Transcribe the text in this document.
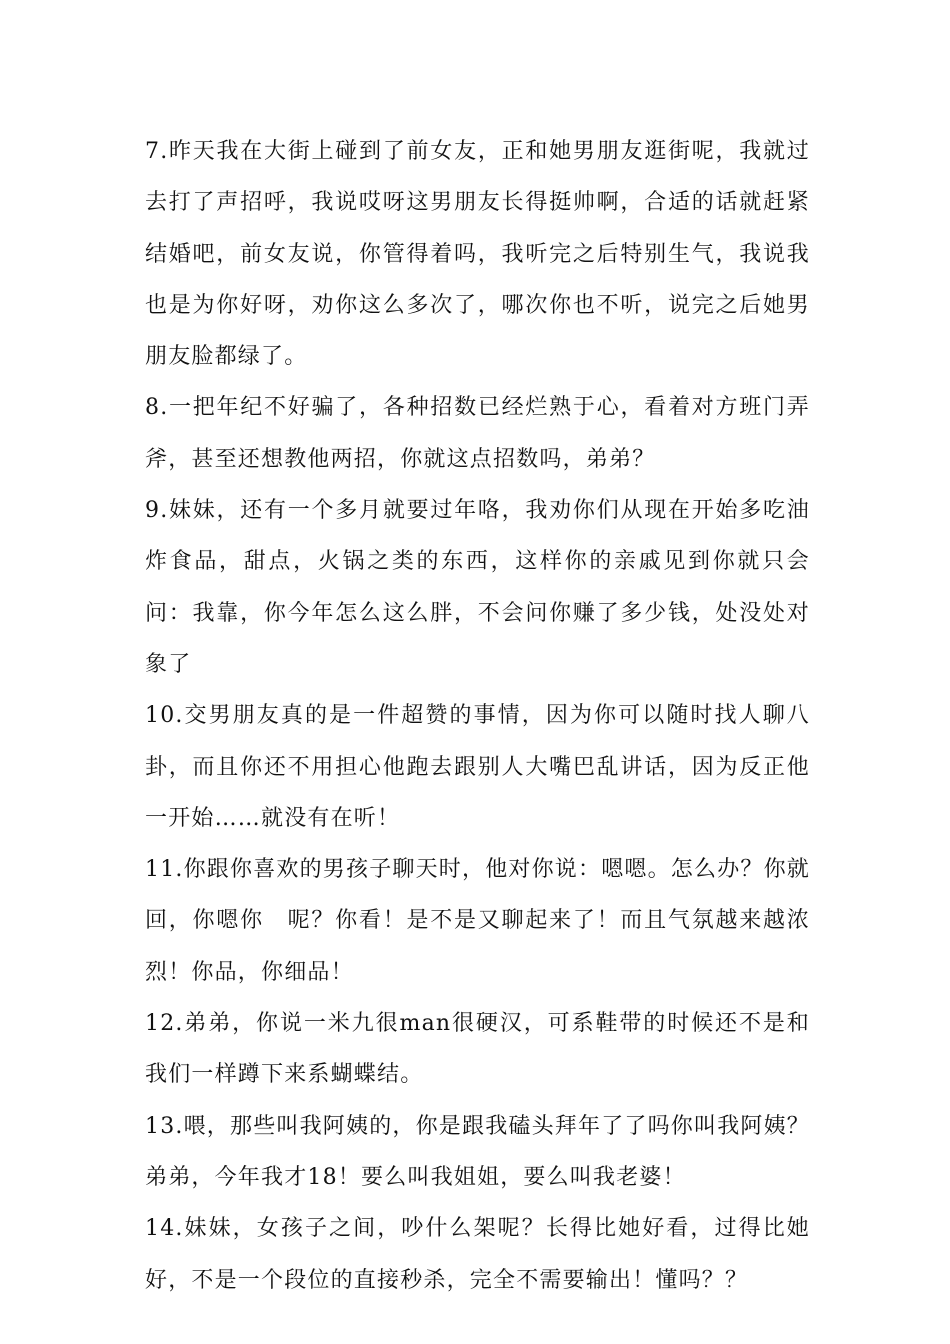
7.昨天我在大街上碰到了前女友，正和她男朋友逛街呢，我就过去打了声招呼，我说哎呀这男朋友长得挺帅啊，合适的话就赶紧结婚吧，前女友说，你管得着吗，我听完之后特别生气，我说我也是为你好呀，劝你这么多次了，哪次你也不听，说完之后她男朋友脸都绿了。

8.一把年纪不好骗了，各种招数已经烂熟于心，看着对方班门弄斧，甚至还想教他两招，你就这点招数吗，弟弟？

9.妹妹，还有一个多月就要过年咯，我劝你们从现在开始多吃油炸食品，甜点，火锅之类的东西，这样你的亲戚见到你就只会问：我靠，你今年怎么这么胖，不会问你赚了多少钱，处没处对象了

10.交男朋友真的是一件超赞的事情，因为你可以随时找人聊八卦，而且你还不用担心他跑去跟别人大嘴巴乱讲话，因为反正他一开始……就没有在听！

11.你跟你喜欢的男孩子聊天时，他对你说：嗯嗯。怎么办？你就回，你嗯你　呢？你看！是不是又聊起来了！而且气氛越来越浓烈！你品，你细品！

12.弟弟，你说一米九很man很硬汉，可系鞋带的时候还不是和我们一样蹲下来系蝴蝶结。

13.喂，那些叫我阿姨的，你是跟我磕头拜年了了吗你叫我阿姨？弟弟，今年我才18！要么叫我姐姐，要么叫我老婆！

14.妹妹，女孩子之间，吵什么架呢？长得比她好看，过得比她好，不是一个段位的直接秒杀，完全不需要输出！懂吗？？
